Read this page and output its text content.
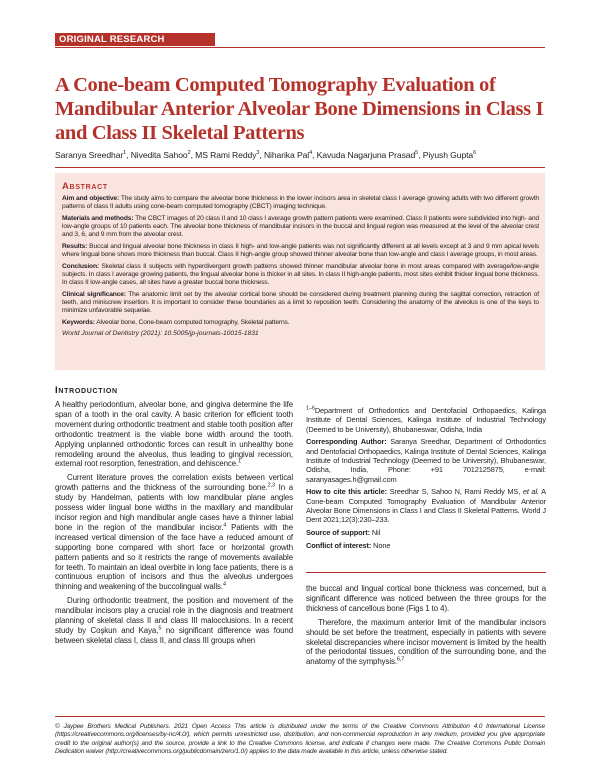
ORIGINAL RESEARCH
A Cone-beam Computed Tomography Evaluation of Mandibular Anterior Alveolar Bone Dimensions in Class I and Class II Skeletal Patterns
Saranya Sreedhar$^1$, Nivedita Sahoo$^2$, MS Rami Reddy$^3$, Niharika Pal$^4$, Kavuda Nagarjuna Prasad$^5$, Piyush Gupta$^6$
Abstract

Aim and objective: The study aims to compare the alveolar bone thickness in the lower incisors area in skeletal class I average growing adults with two different growth patterns of class II adults using cone-beam computed tomography (CBCT) imaging technique.

Materials and methods: The CBCT images of 20 class II and 10 class I average growth pattern patients were examined. Class II patients were subdivided into high- and low-angle groups of 10 patients each. The alveolar bone thickness of mandibular incisors in the buccal and lingual region was measured at the level of the alveolar crest and 3, 6, and 9 mm from the alveolar crest.

Results: Buccal and lingual alveolar bone thickness in class II high- and low-angle patients was not significantly different at all levels except at 3 and 9 mm apical levels where lingual bone shows more thickness than buccal. Class II high-angle group showed thinner alveolar bone than low-angle and class I average groups, in most areas.

Conclusion: Skeletal class II subjects with hyperdivergent growth patterns showed thinner mandibular alveolar bone in most areas compared with average/low-angle subjects. In class I average growing patients, the lingual alveolar bone is thicker in all sites. In class II high-angle patients, most sites exhibit thicker lingual bone thickness. In class II low-angle cases, all sites have a greater buccal bone thickness.

Clinical significance: The anatomic limit set by the alveolar cortical bone should be considered during treatment planning during the sagittal correction, retraction of teeth, and miniscrew insertion. It is important to consider these boundaries as a limit to reposition teeth. Considering the anatomy of the alveolus is one of the keys to minimize unfavorable sequelae.

Keywords: Alveolar bone, Cone-beam computed tomography, Skeletal patterns.

World Journal of Dentistry (2021): 10.5005/jp-journals-10015-1831

Introduction

A healthy periodontium, alveolar bone, and gingiva determine the life span of a tooth in the oral cavity. A basic criterion for efficient tooth movement during orthodontic treatment and stable tooth position after orthodontic treatment is the viable bone width around the tooth. Applying unplanned orthodontic forces can result in unhealthy bone remodeling around the alveolus, thus leading to gingival recession, external root resorption, fenestration, and dehiscence.$^1$

Current literature proves the correlation exists between vertical growth patterns and the thickness of the surrounding bone.$^{2,3}$ In a study by Handelman, patients with low mandibular plane angles possess wider lingual bone widths in the maxillary and mandibular incisor region and high mandibular angle cases have a thinner labial bone in the region of the mandibular incisor.$^4$ Patients with the increased vertical dimension of the face have a reduced amount of supporting bone compared with short face or horizontal growth pattern patients and so it restricts the range of movements available for teeth. To maintain an ideal overbite in long face patients, there is a continuous eruption of incisors and thus the alveolus undergoes thinning and weakening of the buccolingual walls.$^4$

During orthodontic treatment, the position and movement of the mandibular incisors play a crucial role in the diagnosis and treatment planning of skeletal class II and class III malocclusions. In a recent study by Coşkun and Kaya,$^5$ no significant difference was found between skeletal class I, class II, and class III groups when

$^{1-6}$Department of Orthodontics and Dentofacial Orthopaedics, Kalinga Institute of Dental Sciences, Kalinga Institute of Industrial Technology (Deemed to be University), Bhubaneswar, Odisha, India

Corresponding Author: Saranya Sreedhar, Department of Orthodontics and Dentofacial Orthopaedics, Kalinga Institute of Dental Sciences, Kalinga Institute of Industrial Technology (Deemed to be University), Bhubaneswar, Odisha, India, Phone: +91 7012125875, e-mail: saranyasages.h@gmail.com

How to cite this article: Sreedhar S, Sahoo N, Rami Reddy MS, et al. A Cone-beam Computed Tomography Evaluation of Mandibular Anterior Alveolar Bone Dimensions in Class I and Class II Skeletal Patterns. World J Dent 2021;12(3):230–233.

Source of support: Nil

Conflict of interest: None

the buccal and lingual cortical bone thickness was concerned, but a significant difference was noticed between the three groups for the thickness of cancellous bone (Figs 1 to 4).

Therefore, the maximum anterior limit of the mandibular incisors should be set before the treatment, especially in patients with severe skeletal discrepancies where incisor movement is limited by the health of the periodontal tissues, condition of the surrounding bone, and the anatomy of the symphysis.$^{6,7}$

© Jaypee Brothers Medical Publishers. 2021 Open Access This article is distributed under the terms of the Creative Commons Attribution 4.0 International License (https://creativecommons.org/licenses/by-nc/4.0/), which permits unrestricted use, distribution, and non-commercial reproduction in any medium, provided you give appropriate credit to the original author(s) and the source, provide a link to the Creative Commons license, and indicate if changes were made. The Creative Commons Public Domain Dedication waiver (http://creativecommons.org/publicdomain/zero/1.0/) applies to the data made available in this article, unless otherwise stated.
